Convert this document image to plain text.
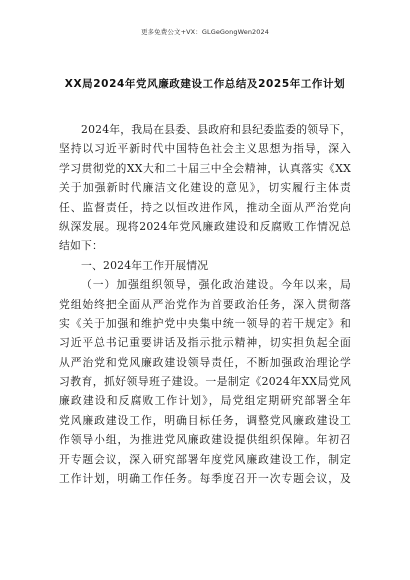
更多免费公文+VX：GLGeGongWen2024
XX局2024年党风廉政建设工作总结及2025年工作计划
2024年，我局在县委、县政府和县纪委监委的领导下，
坚持以习近平新时代中国特色社会主义思想为指导，深入
学习贯彻党的XX大和二十届三中全会精神，认真落实《XX
关于加强新时代廉洁文化建设的意见》，切实履行主体责
任、监督责任，持之以恒改进作风，推动全面从严治党向
纵深发展。现将2024年党风廉政建设和反腐败工作情况总
结如下：
一、2024年工作开展情况
（一）加强组织领导，强化政治建设。今年以来，局
党组始终把全面从严治党作为首要政治任务，深入贯彻落
实《关于加强和维护党中央集中统一领导的若干规定》和
习近平总书记重要讲话及指示批示精神，切实担负起全面
从严治党和党风廉政建设领导责任，不断加强政治理论学
习教育，抓好领导班子建设。一是制定《2024年XX局党风
廉政建设和反腐败工作计划》，局党组定期研究部署全年
党风廉政建设工作，明确目标任务，调整党风廉政建设工
作领导小组，为推进党风廉政建设提供组织保障。年初召
开专题会议，深入研究部署年度党风廉政建设工作，制定
工作计划，明确工作任务。每季度召开一次专题会议，及
